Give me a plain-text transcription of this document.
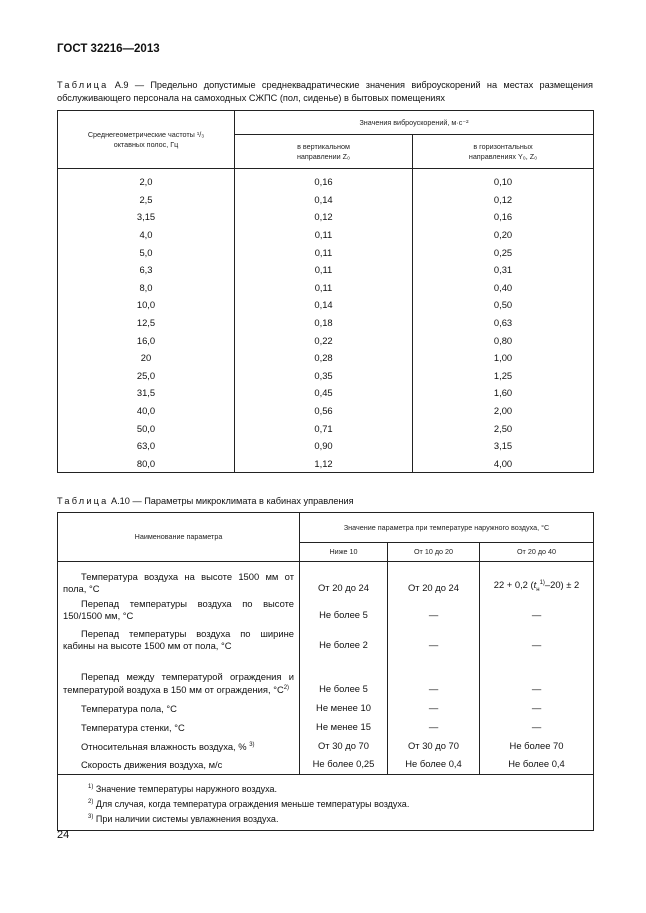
ГОСТ 32216—2013
Таблица А.9 — Предельно допустимые среднеквадратические значения виброускорений на местах размещения обслуживающего персонала на самоходных СЖПС (пол, сиденье) в бытовых помещениях
Среднегеометрические частоты ¹/₃ октавных полос, Гц	Значения виброускорений, м·с⁻²	
	в вертикальном направлении Z₀	в горизонтальных направлениях Y₀, Z₀

2,0	0,16	0,10
2,5	0,14	0,12
3,15	0,12	0,16
4,0	0,11	0,20
5,0	0,11	0,25
6,3	0,11	0,31
8,0	0,11	0,40
10,0	0,14	0,50
12,5	0,18	0,63
16,0	0,22	0,80
20	0,28	1,00
25,0	0,35	1,25
31,5	0,45	1,60
40,0	0,56	2,00
50,0	0,71	2,50
63,0	0,90	3,15
80,0	1,12	4,00
Таблица А.10 — Параметры микроклимата в кабинах управления
Наименование параметра	Значение параметра при температуре наружного воздуха, °С		
	Ниже 10	От 10 до 20	От 20 до 40
Температура воздуха на высоте 1500 мм от пола, °С	От 20 до 24	От 20 до 24	22 + 0,2 $(t_н^{1)}-20) \pm 2$
Перепад температуры воздуха по высоте 150/1500 мм, °С	Не более 5	—	—
Перепад температуры воздуха по ширине кабины на высоте 1500 мм от пола, °С	Не более 2	—	—
Перепад между температурой ограждения и температурой воздуха в 150 мм от ограждения, $^\circ С^{2)}$	Не более 5	—	—
Температура пола, °С	Не менее 10	—	—
Температура стенки, °С	Не менее 15	—	—
Относительная влажность воздуха, % $^{3)}$	От 30 до 70	От 30 до 70	Не более 70
Скорость движения воздуха, м/с	Не более 0,25	Не более 0,4	Не более 0,4

$^{1)}$ Значение температуры наружного воздуха.
$^{2)}$ Для случая, когда температура ограждения меньше температуры воздуха.
$^{3)}$ При наличии системы увлажнения воздуха.			
24
